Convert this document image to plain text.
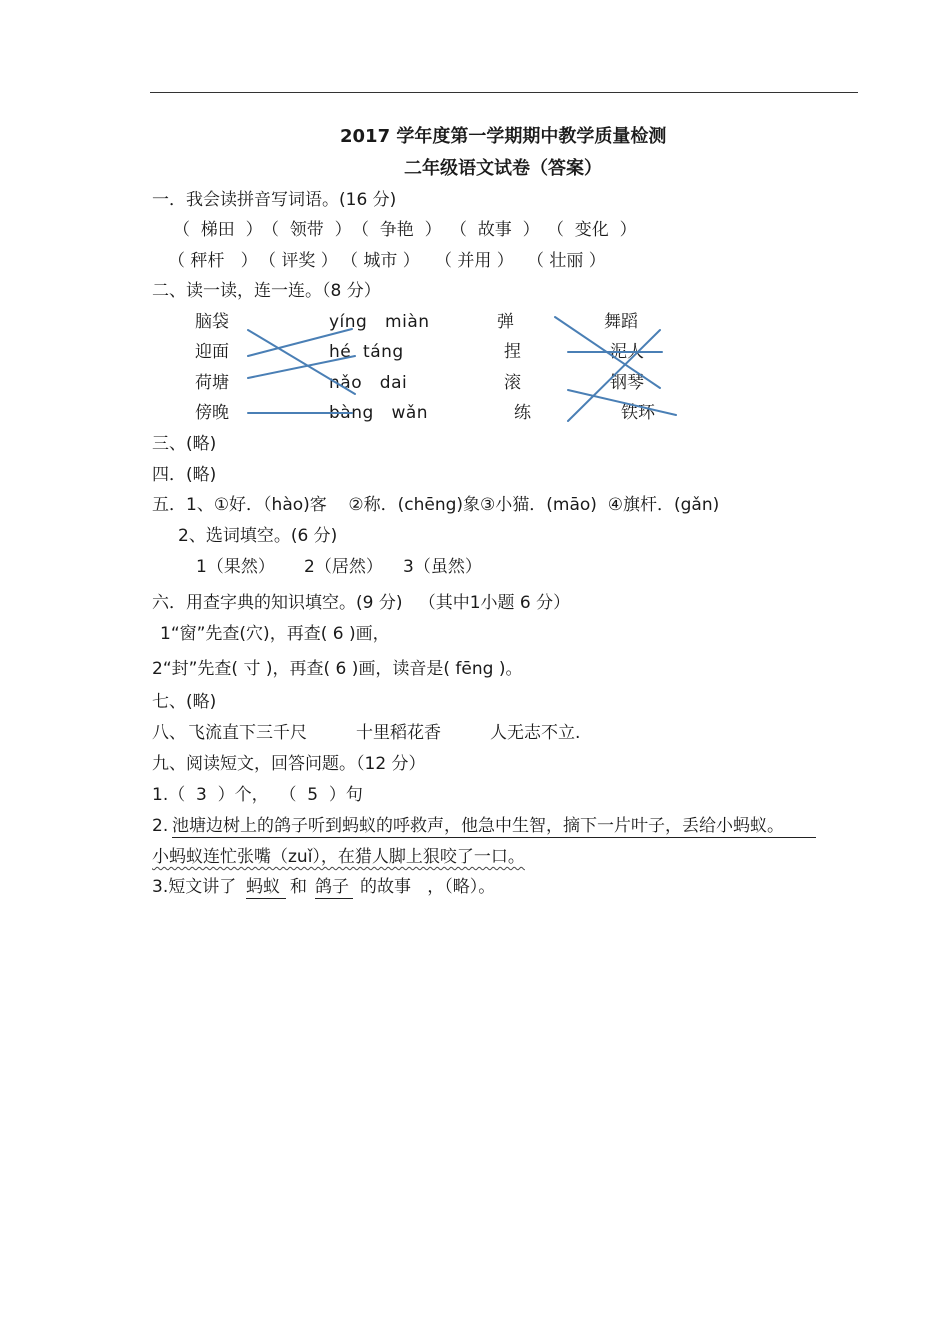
2017 学年度第一学期期中教学质量检测
二年级语文试卷（答案）
一．我会读拼音写词语。(16 分)
（  梯田  ） （  领带  ） （  争艳  ） （  故事  ） （  变化  ）
（ 秤杆   ） （ 评奖 ） （ 城市 ） （ 并用 ） （ 壮丽 ）
二、读一读，连一连。（8 分）
脑袋
迎面
荷塘
傍晚
yíng   miàn
hé  táng
nǎo   dai
bàng   wǎn
弹
捏
滚
练
舞蹈
泥人
钢琴
铁环
三、(略)
四．(略)
五．1、①好．（hào)客    ②称．(chēng)象③小猫．(māo)  ④旗杆．(gǎn)
2、选词填空。(6 分)
1（果然） 2（居然） 3（虽然）
六．用查字典的知识填空。(9 分)   （其中1小题 6 分）
1“窗”先查(穴)，再查( 6 )画，
2“封”先查( 寸 )，再查( 6 )画，读音是( fēng )。
七、(略)
八、 飞流直下三千尺	十里稻花香	人无志不立.
九、阅读短文，回答问题。（12 分）
1.（  3  ）个，  （  5  ）句
2. 池塘边树上的鸽子听到蚂蚁的呼救声，他急中生智，摘下一片叶子，丢给小蚂蚁。
小蚂蚁连忙张嘴（zuǐ），在猎人脚上狠咬了一口。
3.短文讲了 蚂蚁 和 鸽子 的故事   ，（略）。
